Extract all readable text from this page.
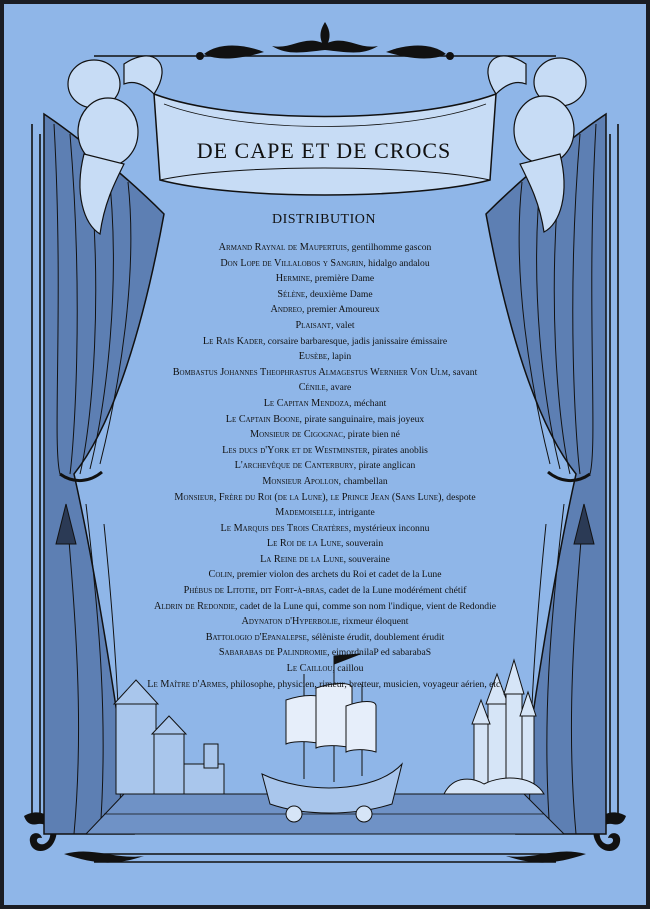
DE CAPE ET DE CROCS
DISTRIBUTION
Armand Raynal de Maupertuis, gentilhomme gascon
Don Lope de Villalobos y Sangrin, hidalgo andalou
Hermine, première Dame
Sélène, deuxième Dame
Andreo, premier Amoureux
Plaisant, valet
Le Raïs Kader, corsaire barbaresque, jadis janissaire émissaire
Eusèbe, lapin
Bombastus Johannes Theophrastus Almagestus Wernher Von Ulm, savant
Cénile, avare
Le Capitan Mendoza, méchant
Le Captain Boone, pirate sanguinaire, mais joyeux
Monsieur de Cigognac, pirate bien né
Les ducs d'York et de Westminster, pirates anoblis
L'archevêque de Canterbury, pirate anglican
Monsieur Apollon, chambellan
Monsieur, Frère du Roi (de la Lune), le Prince Jean (Sans Lune), despote
Mademoiselle, intrigante
Le Marquis des Trois Cratères, mystérieux inconnu
Le Roi de la Lune, souverain
La Reine de la Lune, souveraine
Colin, premier violon des archets du Roi et cadet de la Lune
Phébus de Litotie, dit Fort-à-bras, cadet de la Lune modérément chétif
Aldrin de Redondie, cadet de la Lune qui, comme son nom l'indique, vient de Redondie
Adynaton d'Hyperbolie, rixmeur éloquent
Battologio d'Epanalepse, sélèniste érudit, doublement érudit
Sabarabas de Palindromie, eimordnilaP ed sabarabaS
Le Caillou, caillou
Le Maître d'Armes, philosophe, physicien, rimeur, bretteur, musicien, voyageur aérien, etc.
